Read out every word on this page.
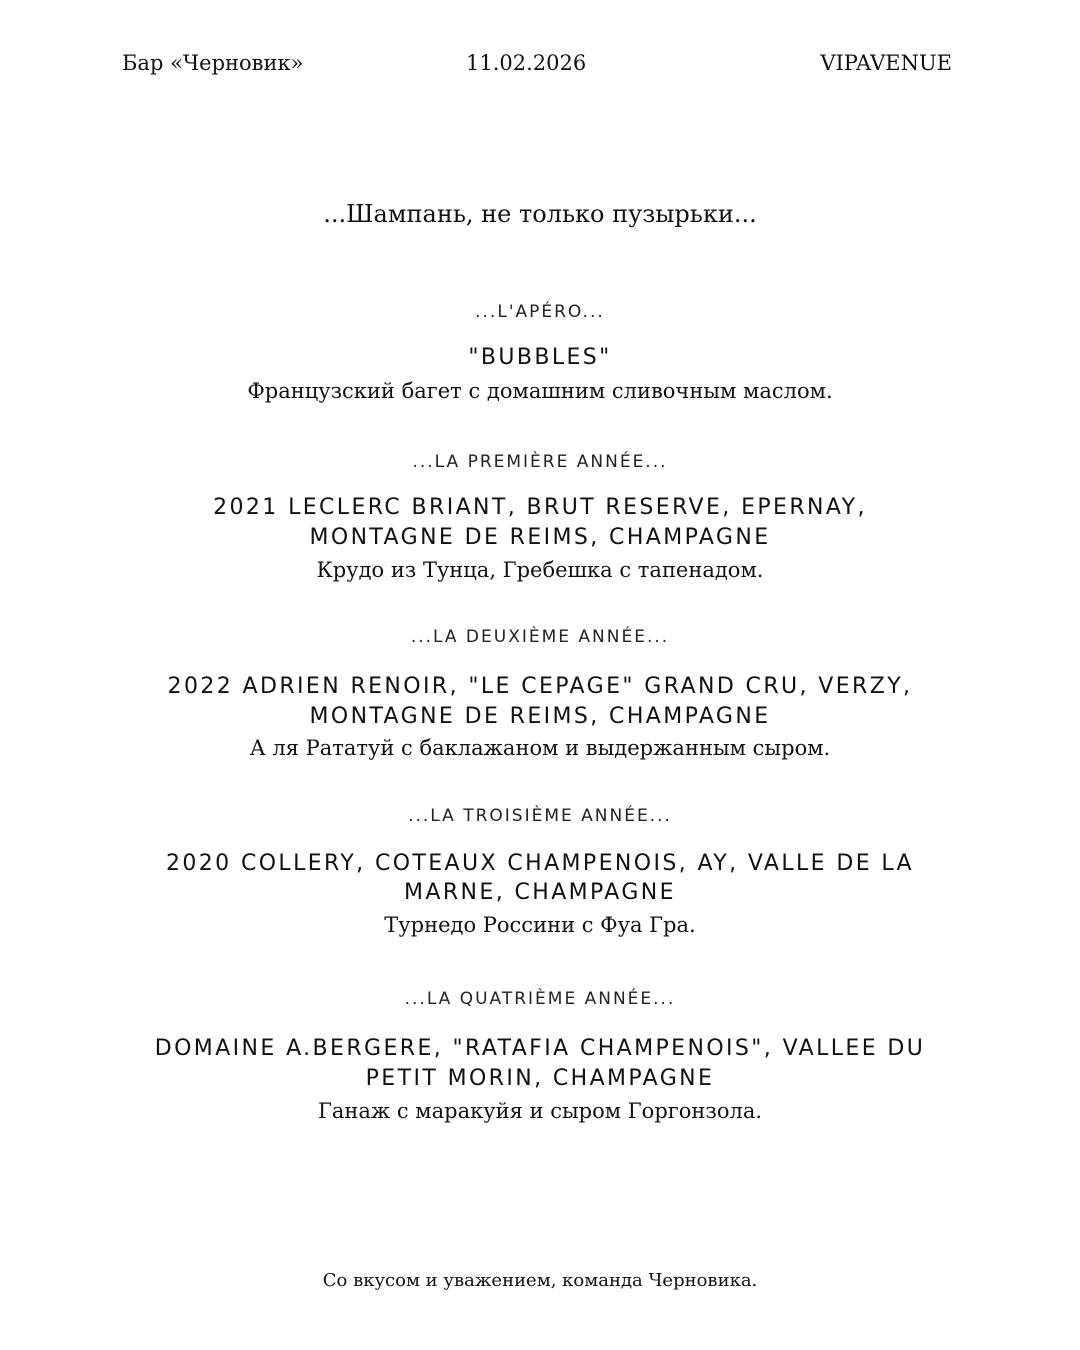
Бар «Черновик»	11.02.2026	VIPAVENUE
...Шампань, не только пузырьки...
...L'APÉRO...
"BUBBLES"
Французский багет с домашним сливочным маслом.
...LA PREMIÈRE ANNÉE...
2021 LECLERC BRIANT, BRUT RESERVE, EPERNAY,
MONTAGNE DE REIMS, CHAMPAGNE
Крудо из Тунца, Гребешка с тапенадом.
...LA DEUXIÈME ANNÉE...
2022 ADRIEN RENOIR, "LE CEPAGE" GRAND CRU, VERZY,
MONTAGNE DE REIMS, CHAMPAGNE
А ля Рататуй с баклажаном и выдержанным сыром.
...LA TROISIÈME ANNÉE...
2020 COLLERY, COTEAUX CHAMPENOIS, AY, VALLE DE LA
MARNE, CHAMPAGNE
Турнедо Россини с Фуа Гра.
...LA QUATRIÈME ANNÉE...
DOMAINE A.BERGERE, "RATAFIA CHAMPENOIS", VALLEE DU
PETIT MORIN, CHAMPAGNE
Ганаж с маракуйя и сыром Горгонзола.
Со вкусом и уважением, команда Черновика.
